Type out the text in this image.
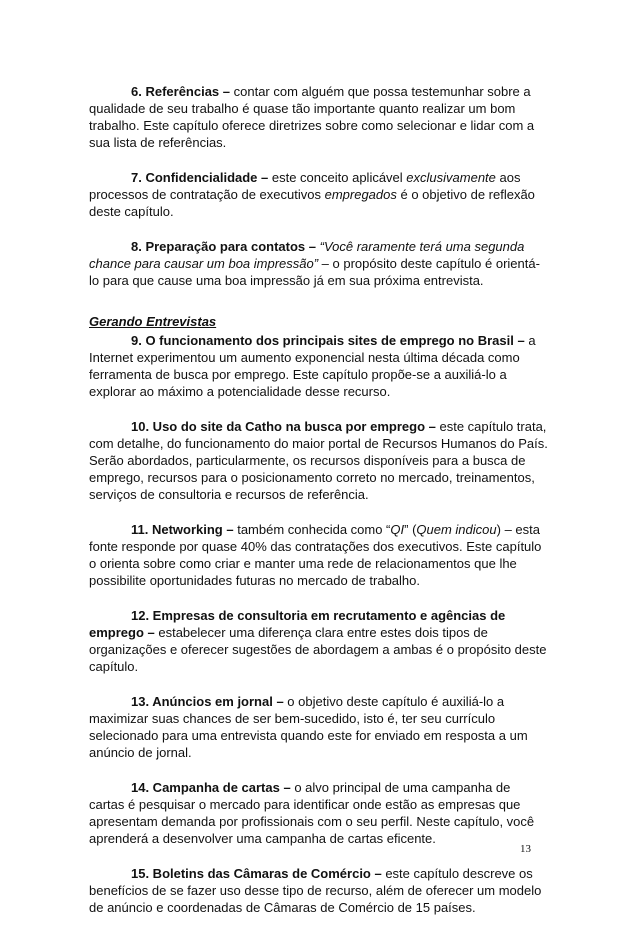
6. Referências – contar com alguém que possa testemunhar sobre a qualidade de seu trabalho é quase tão importante quanto realizar um bom trabalho. Este capítulo oferece diretrizes sobre como selecionar e lidar com a sua lista de referências.

7. Confidencialidade – este conceito aplicável exclusivamente aos processos de contratação de executivos empregados é o objetivo de reflexão deste capítulo.

8. Preparação para contatos – “Você raramente terá uma segunda chance para causar um boa impressão” – o propósito deste capítulo é orientá-lo para que cause uma boa impressão já em sua próxima entrevista.

Gerando Entrevistas

9. O funcionamento dos principais sites de emprego no Brasil – a Internet experimentou um aumento exponencial nesta última década como ferramenta de busca por emprego. Este capítulo propõe-se a auxiliá-lo a explorar ao máximo a potencialidade desse recurso.

10. Uso do site da Catho na busca por emprego – este capítulo trata, com detalhe, do funcionamento do maior portal de Recursos Humanos do País. Serão abordados, particularmente, os recursos disponíveis para a busca de emprego, recursos para o posicionamento correto no mercado, treinamentos, serviços de consultoria e recursos de referência.

11. Networking – também conhecida como “QI” (Quem indicou) – esta fonte responde por quase 40% das contratações dos executivos. Este capítulo o orienta sobre como criar e manter uma rede de relacionamentos que lhe possibilite oportunidades futuras no mercado de trabalho.

12. Empresas de consultoria em recrutamento e agências de emprego – estabelecer uma diferença clara entre estes dois tipos de organizações e oferecer sugestões de abordagem a ambas é o propósito deste capítulo.

13. Anúncios em jornal – o objetivo deste capítulo é auxiliá-lo a maximizar suas chances de ser bem-sucedido, isto é, ter seu currículo selecionado para uma entrevista quando este for enviado em resposta a um anúncio de jornal.

14. Campanha de cartas – o alvo principal de uma campanha de cartas é pesquisar o mercado para identificar onde estão as empresas que apresentam demanda por profissionais com o seu perfil. Neste capítulo, você aprenderá a desenvolver uma campanha de cartas eficente.

15. Boletins das Câmaras de Comércio – este capítulo descreve os benefícios de se fazer uso desse tipo de recurso, além de oferecer um modelo de anúncio e coordenadas de Câmaras de Comércio de 15 países.

13
